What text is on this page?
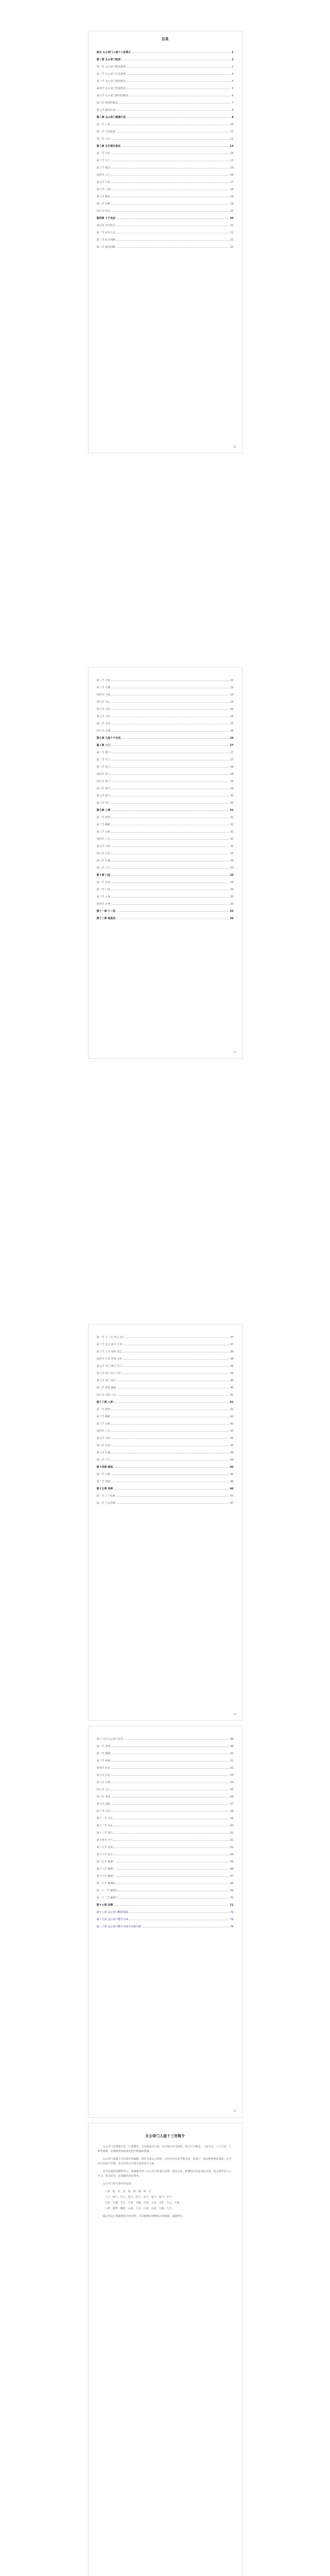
目录
前言 太公奇门入盘十三官简介	1
第一章 太公奇门起局	1
第一节 太公奇门时间系统	2
第二节 太公奇门九宫系统	3
第三节 太公奇门局的排法	4
第四节 太公奇门符使排法	5
第五节 太公奇门排局的秘诀	6
第六节 神煞的排法	7
第七节 地支应用	8
第二章 太公奇门推测方法	9
第一节 八卦	10
第二节 天盘地盘	11
第三节 五行	12
第三章 五行相生相克	13
第一节 宫位	14
第二节 天干	15
第三节 地支	15
第四节 八门	16
第五节 九星	17
第六节 八神	18
第七节 格局	19
第八节 用神	19
第九节 旺衰	20
第四章 十干克应	20
第五章 奇仪组合	21
第一节 奇仪入宫	21
第二节 综合判断	21
第三节 格局判断	22
第二节 天机	22
第三节 天辅	23
第四节 天禽	23
第五节 天心	24
第六节 天柱	24
第七节 天任	25
第八节 天英	25
第九节 天蓬	26
第七章 九星十干吉凶	26
第八章 八门	27
第一节 休门	27
第二节 生门	27
第三节 伤门	28
第四节 杜门	28
第五节 景门	29
第六节 死门	29
第七节 惊门	30
第八节 开门	30
第九章 八神	31
第一节 值符	31
第二节 腾蛇	31
第三节 太阴	32
第四节 六合	32
第五节 白虎	32
第六节 玄武	33
第七节 九地	33
第八节 九天	33
第十章 门迫	34
第一节 宫迫	34
第二节 门迫	34
第三节 入墓	35
第四节 击刑	35
第十一章 十二宫	35
第十二章 地盘宫	36
第一节 十二宫 甲乙 丙丁	37
第二节 戊己 庚辛 壬癸	37
第三节 子丑 寅卯 辰巳	38
第四节 午未 申酉 戌亥	38
第五节 开门 休门 生门	39
第六节 伤门 杜门 景门	39
第七节 死门 惊门	40
第八节 值符 腾蛇	40
第九节 太阴 六合	41
第十三章 八神	41
第一节 值符	42
第二节 腾蛇	42
第三节 太阴	42
第四节 六合	43
第五节 白虎	43
第六节 玄武	43
第七节 九地	44
第八节 九天	44
第十四章 格局	45
第一节 吉格	45
第二节 凶格	46
第十五章 用神	46
第一节 十干用神	47
第二节 六亲用神	47
第十六章 太公奇门应用	48
第一节 求财	49
第二节 婚姻	50
第三节 疾病	51
第四节 出行	52
第五节 官讼	53
第六节 失物	54
第七节 寻人	55
第八节 考试	56
第九节 求职	57
第十节 买卖	58
第十一节 合作	59
第十二节 风水	60
第十三节 择日	61
第十四节 天气	62
第十五节 运势	63
第十六节 综合	64
第十七节 案例一	65
第十八节 案例二	66
第十九节 案例三	67
第二十节 案例四	68
第二十一节 案例五	69
第二十二节 案例六	70
第十七章 应期	71
第十八章 太公奇门断卦要诀	72
第十九章 太公奇门数字吉凶	73
第二十章 太公奇门数字吉凶与手机号码	74
太公奇门入盘十三官简介

太公奇门是我国古代一门预测学，它以时间为主线，以空间方位为依托，结合天干地支、八卦九宫、八门九星、八神等要素，对事物的发展变化进行推演和预测。

太公奇门来源于古代的军事谋略，相传为姜太公所创，后经历代先贤不断完善，形成了一套完整的理论体系。它不仅可以用于军事，还可以用于日常生活的各个方面。

本书以通俗易懂的语言，系统地介绍了太公奇门的基本原理、起局方法、推测技巧以及实际应用，适合初学者入门学习，也可供有一定基础的读者参考。

太公奇门的主要内容包括：

八卦：乾、坎、艮、震、巽、离、坤、兑
八门：休门、生门、伤门、杜门、景门、死门、惊门、开门
九星：天蓬、天任、天冲、天辅、天英、天芮、天柱、天心、天禽
八神：值符、腾蛇、太阴、六合、白虎、玄武、九地、九天

通过对以上要素的组合和分析，可以推测出事物的吉凶祸福、成败得失。
